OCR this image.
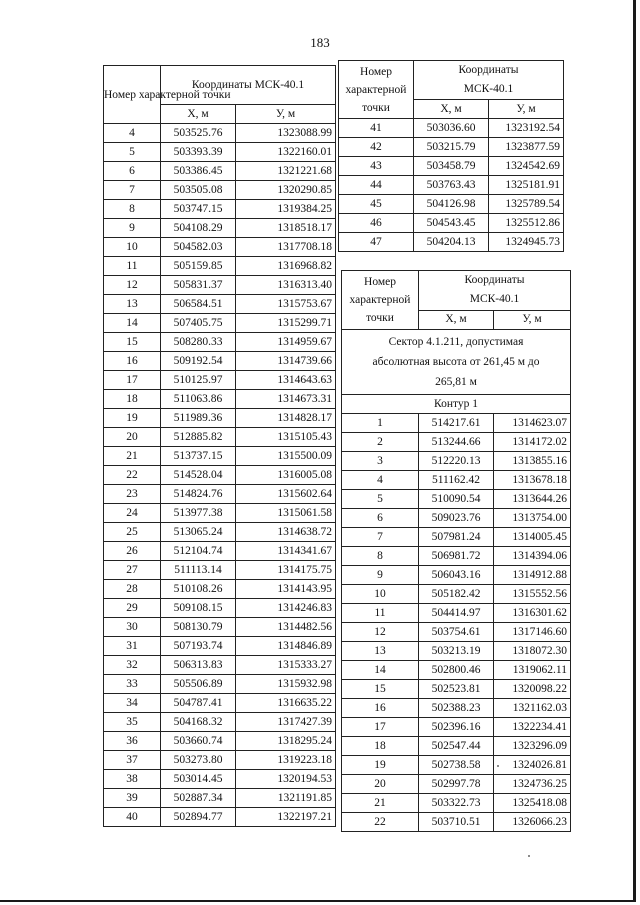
183
Номер характерной точки	Координаты МСК-40.1	
	X, м	У, м
4	503525.76	1323088.99
5	503393.39	1322160.01
6	503386.45	1321221.68
7	503505.08	1320290.85
8	503747.15	1319384.25
9	504108.29	1318518.17
10	504582.03	1317708.18
11	505159.85	1316968.82
12	505831.37	1316313.40
13	506584.51	1315753.67
14	507405.75	1315299.71
15	508280.33	1314959.67
16	509192.54	1314739.66
17	510125.97	1314643.63
18	511063.86	1314673.31
19	511989.36	1314828.17
20	512885.82	1315105.43
21	513737.15	1315500.09
22	514528.04	1316005.08
23	514824.76	1315602.64
24	513977.38	1315061.58
25	513065.24	1314638.72
26	512104.74	1314341.67
27	511113.14	1314175.75
28	510108.26	1314143.95
29	509108.15	1314246.83
30	508130.79	1314482.56
31	507193.74	1314846.89
32	506313.83	1315333.27
33	505506.89	1315932.98
34	504787.41	1316635.22
35	504168.32	1317427.39
36	503660.74	1318295.24
37	503273.80	1319223.18
38	503014.45	1320194.53
39	502887.34	1321191.85
40	502894.77	1322197.21
Номер характерной точки	Координаты МСК-40.1	
	X, м	У, м
41	503036.60	1323192.54
42	503215.79	1323877.59
43	503458.79	1324542.69
44	503763.43	1325181.91
45	504126.98	1325789.54
46	504543.45	1325512.86
47	504204.13	1324945.73
Номер характерной точки	Координаты МСК-40.1	
	X, м	У, м
Сектор 4.1.211, допустимая абсолютная высота от 261,45 м до 265,81 м		
Контур 1		
1	514217.61	1314623.07
2	513244.66	1314172.02
3	512220.13	1313855.16
4	511162.42	1313678.18
5	510090.54	1313644.26
6	509023.76	1313754.00
7	507981.24	1314005.45
8	506981.72	1314394.06
9	506043.16	1314912.88
10	505182.42	1315552.56
11	504414.97	1316301.62
12	503754.61	1317146.60
13	503213.19	1318072.30
14	502800.46	1319062.11
15	502523.81	1320098.22
16	502388.23	1321162.03
17	502396.16	1322234.41
18	502547.44	1323296.09
19	502738.58	1324026.81
20	502997.78	1324736.25
21	503322.73	1325418.08
22	503710.51	1326066.23
